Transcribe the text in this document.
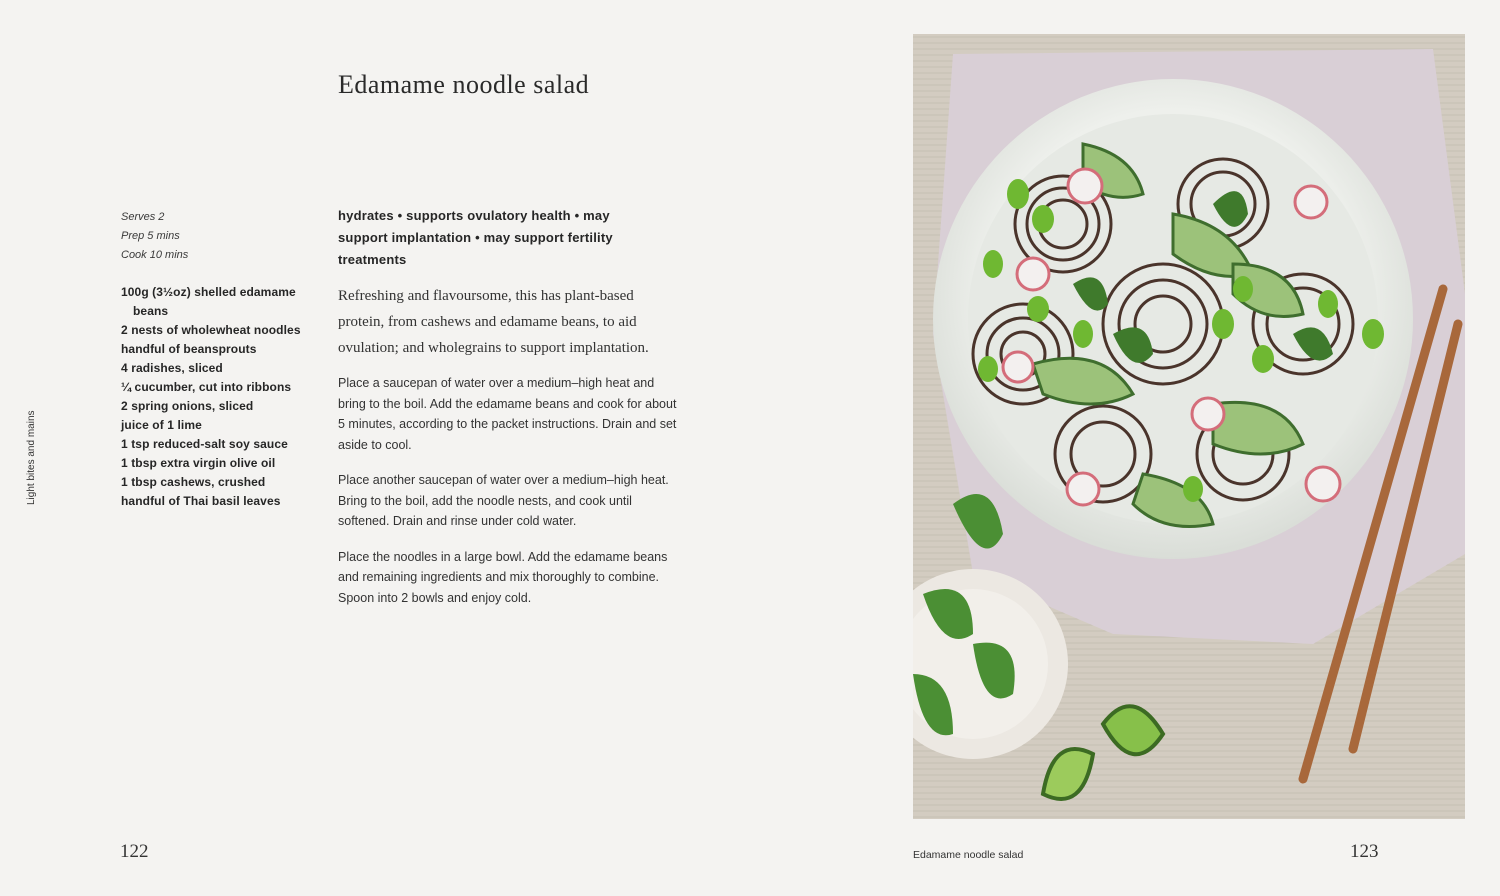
Light bites and mains
Edamame noodle salad
Serves 2
Prep 5 mins
Cook 10 mins
100g (3½oz) shelled edamame beans
2 nests of wholewheat noodles
handful of beansprouts
4 radishes, sliced
¼ cucumber, cut into ribbons
2 spring onions, sliced
juice of 1 lime
1 tsp reduced-salt soy sauce
1 tbsp extra virgin olive oil
1 tbsp cashews, crushed
handful of Thai basil leaves
hydrates • supports ovulatory health • may support implantation • may support fertility treatments
Refreshing and flavoursome, this has plant-based protein, from cashews and edamame beans, to aid ovulation; and wholegrains to support implantation.

Place a saucepan of water over a medium–high heat and bring to the boil. Add the edamame beans and cook for about 5 minutes, according to the packet instructions. Drain and set aside to cool.

Place another saucepan of water over a medium–high heat. Bring to the boil, add the noodle nests, and cook until softened. Drain and rinse under cold water.

Place the noodles in a large bowl. Add the edamame beans and remaining ingredients and mix thoroughly to combine. Spoon into 2 bowls and enjoy cold.

122	Edamame noodle salad	123
